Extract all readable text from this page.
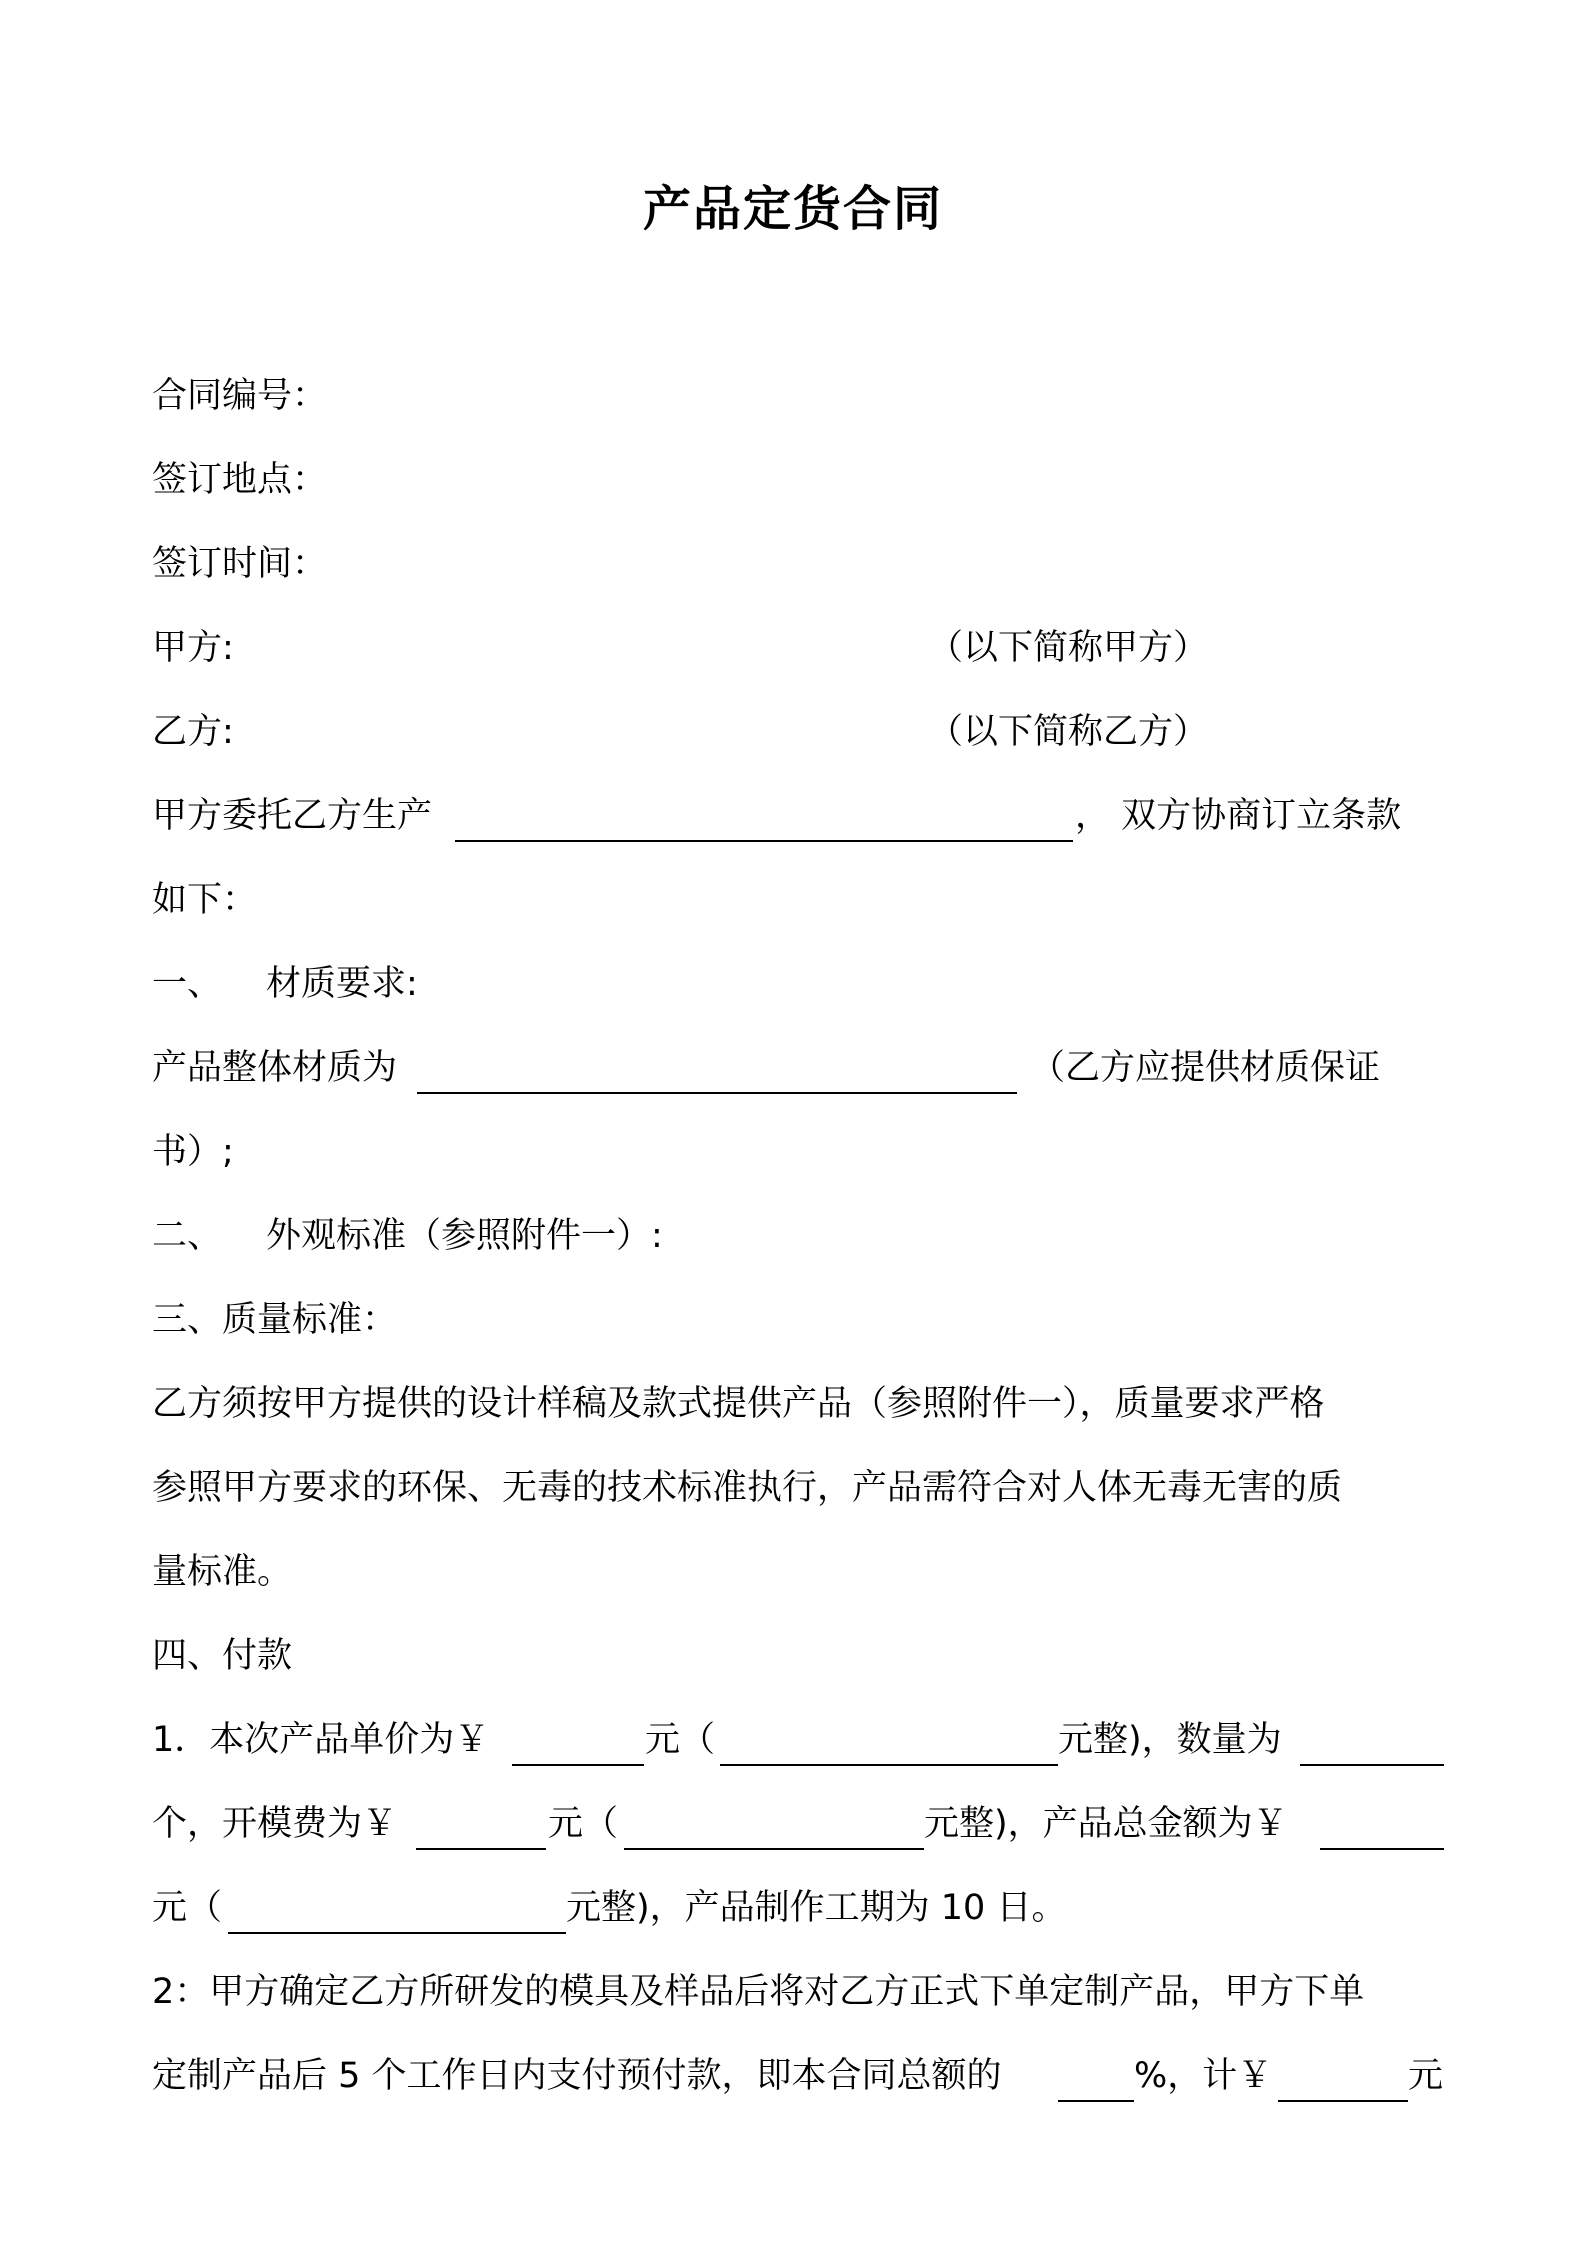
产品定货合同
合同编号：
签订地点：
签订时间：
甲方:	（以下简称甲方）
乙方:	（以下简称乙方）
甲方委托乙方生产	， 双方协商订立条款
如下：
一、 材质要求:
产品整体材质为	（乙方应提供材质保证
书）;
二、 外观标准（参照附件一）:
三、质量标准：
乙方须按甲方提供的设计样稿及款式提供产品（参照附件一），质量要求严格
参照甲方要求的环保、无毒的技术标准执行，产品需符合对人体无毒无害的质
量标准。
四、付款
1．本次产品单价为￥	元（	元整)，数量为
个，开模费为￥	元（	元整)，产品总金额为￥
元（	元整)，产品制作工期为 10 日。
2：甲方确定乙方所研发的模具及样品后将对乙方正式下单定制产品，甲方下单
定制产品后 5 个工作日内支付预付款，即本合同总额的	%，计￥	元
